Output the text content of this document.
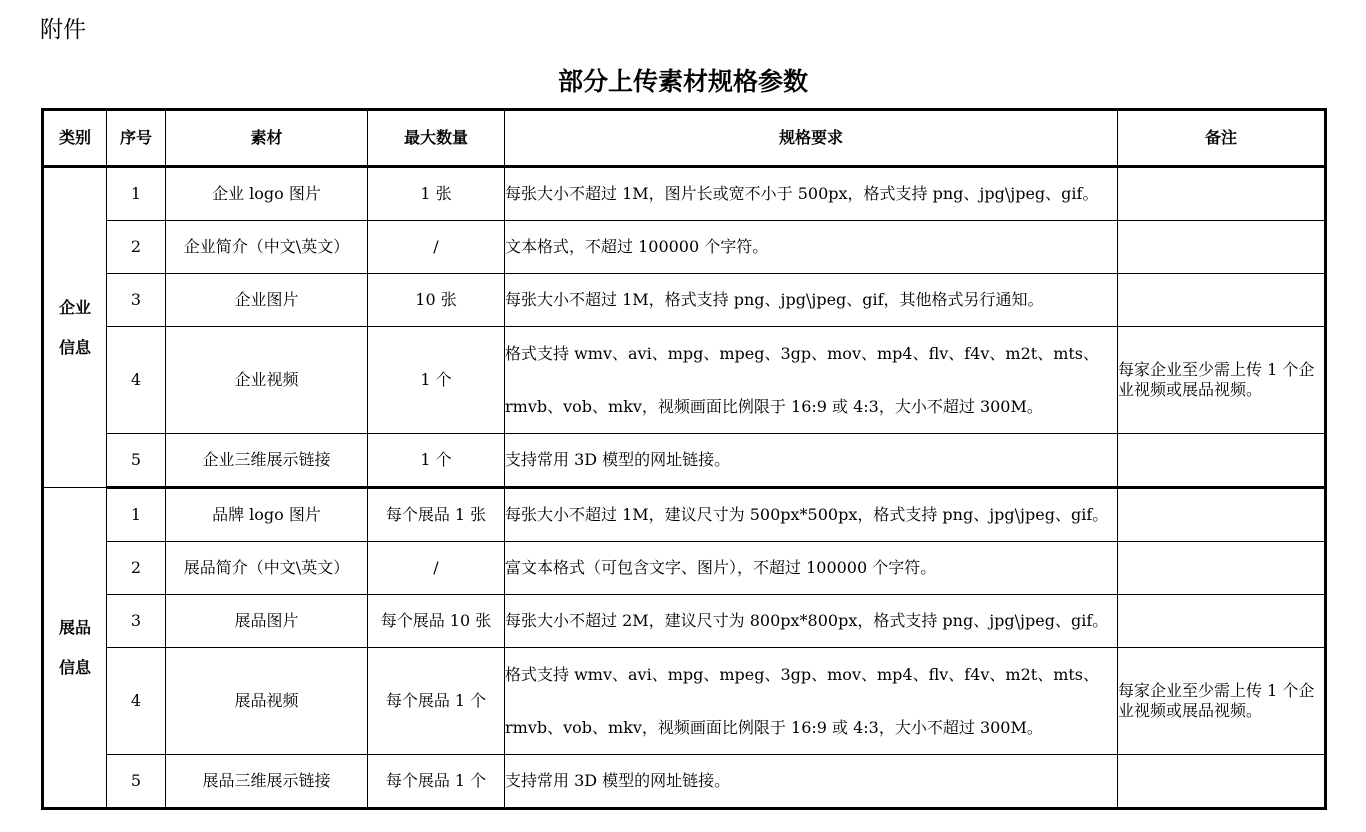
附件
部分上传素材规格参数
类别	序号	素材	最大数量	规格要求	备注

企业
信息	1	企业 logo 图片	1 张	每张大小不超过 1M，图片长或宽不小于 500px，格式支持 png、jpg\jpeg、gif。	
	2	企业简介（中文\英文）	/	文本格式，不超过 100000 个字符。	
	3	企业图片	10 张	每张大小不超过 1M，格式支持 png、jpg\jpeg、gif，其他格式另行通知。	
	4	企业视频	1 个	格式支持 wmv、avi、mpg、mpeg、3gp、mov、mp4、flv、f4v、m2t、mts、rmvb、vob、mkv，视频画面比例限于 16:9 或 4:3，大小不超过 300M。	每家企业至少需上传 1 个企业视频或展品视频。
	5	企业三维展示链接	1 个	支持常用 3D 模型的网址链接。	

展品
信息	1	品牌 logo 图片	每个展品 1 张	每张大小不超过 1M，建议尺寸为 500px*500px，格式支持 png、jpg\jpeg、gif。	
	2	展品简介（中文\英文）	/	富文本格式（可包含文字、图片），不超过 100000 个字符。	
	3	展品图片	每个展品 10 张	每张大小不超过 2M，建议尺寸为 800px*800px，格式支持 png、jpg\jpeg、gif。	
	4	展品视频	每个展品 1 个	格式支持 wmv、avi、mpg、mpeg、3gp、mov、mp4、flv、f4v、m2t、mts、rmvb、vob、mkv，视频画面比例限于 16:9 或 4:3，大小不超过 300M。	每家企业至少需上传 1 个企业视频或展品视频。
	5	展品三维展示链接	每个展品 1 个	支持常用 3D 模型的网址链接。	
